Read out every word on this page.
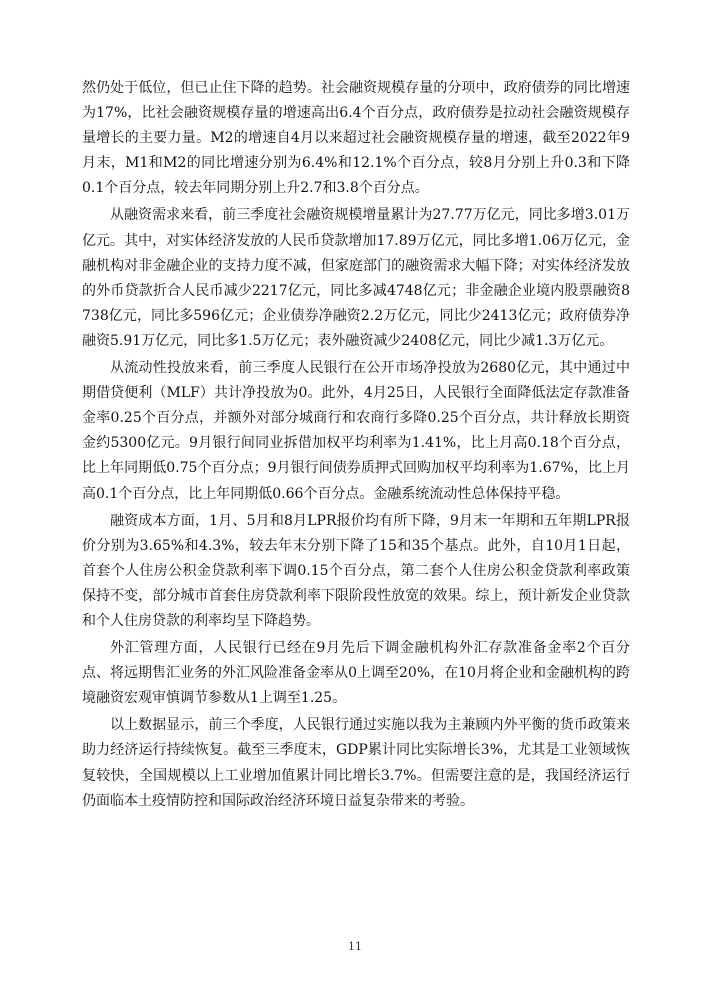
然仍处于低位，但已止住下降的趋势。社会融资规模存量的分项中，政府债券的同比增速为17%，比社会融资规模存量的增速高出6.4个百分点，政府债券是拉动社会融资规模存量增长的主要力量。M2的增速自4月以来超过社会融资规模存量的增速，截至2022年9月末，M1和M2的同比增速分别为6.4%和12.1%个百分点，较8月分别上升0.3和下降0.1个百分点，较去年同期分别上升2.7和3.8个百分点。

从融资需求来看，前三季度社会融资规模增量累计为27.77万亿元，同比多增3.01万亿元。其中，对实体经济发放的人民币贷款增加17.89万亿元，同比多增1.06万亿元，金融机构对非金融企业的支持力度不减，但家庭部门的融资需求大幅下降；对实体经济发放的外币贷款折合人民币减少2217亿元，同比多减4748亿元；非金融企业境内股票融资8738亿元，同比多596亿元；企业债券净融资2.2万亿元，同比少2413亿元；政府债券净融资5.91万亿元，同比多1.5万亿元；表外融资减少2408亿元，同比少减1.3万亿元。

从流动性投放来看，前三季度人民银行在公开市场净投放为2680亿元，其中通过中期借贷便利（MLF）共计净投放为0。此外，4月25日，人民银行全面降低法定存款准备金率0.25个百分点，并额外对部分城商行和农商行多降0.25个百分点，共计释放长期资金约5300亿元。9月银行间同业拆借加权平均利率为1.41%，比上月高0.18个百分点，比上年同期低0.75个百分点；9月银行间债券质押式回购加权平均利率为1.67%，比上月高0.1个百分点，比上年同期低0.66个百分点。金融系统流动性总体保持平稳。

融资成本方面，1月、5月和8月LPR报价均有所下降，9月末一年期和五年期LPR报价分别为3.65%和4.3%，较去年末分别下降了15和35个基点。此外，自10月1日起，首套个人住房公积金贷款利率下调0.15个百分点，第二套个人住房公积金贷款利率政策保持不变，部分城市首套住房贷款利率下限阶段性放宽的效果。综上，预计新发企业贷款和个人住房贷款的利率均呈下降趋势。

外汇管理方面，人民银行已经在9月先后下调金融机构外汇存款准备金率2个百分点、将远期售汇业务的外汇风险准备金率从0上调至20%，在10月将企业和金融机构的跨境融资宏观审慎调节参数从1上调至1.25。

以上数据显示，前三个季度，人民银行通过实施以我为主兼顾内外平衡的货币政策来助力经济运行持续恢复。截至三季度末，GDP累计同比实际增长3%，尤其是工业领域恢复较快，全国规模以上工业增加值累计同比增长3.7%。但需要注意的是，我国经济运行仍面临本土疫情防控和国际政治经济环境日益复杂带来的考验。

11
